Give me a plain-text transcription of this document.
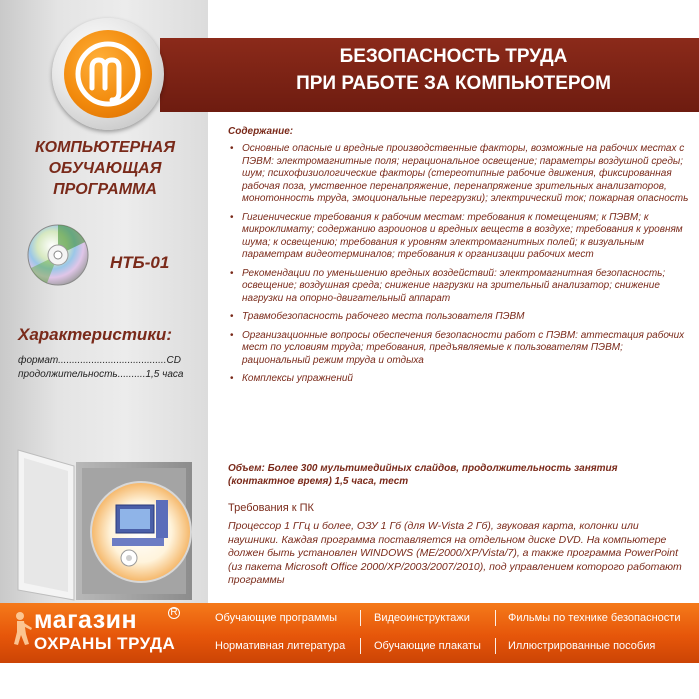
БЕЗОПАСНОСТЬ ТРУДА
ПРИ РАБОТЕ ЗА КОМПЬЮТЕРОМ
КОМПЬЮТЕРНАЯ
ОБУЧАЮЩАЯ
ПРОГРАММА
НТБ-01
Характеристики:
формат.......................................CD
продолжительность..........1,5 часа
Содержание:
• Основные опасные и вредные производственные факторы, возможные на рабочих местах с ПЭВМ: электромагнитные поля; нерациональное освещение; параметры воздушной среды; шум; психофизиологические факторы (стереотипные рабочие движения, фиксированная рабочая поза, умственное перенапряжение, перенапряжение зрительных анализаторов, монотонность труда, эмоциональные перегрузки); электрический ток; пожарная опасность
• Гигиенические требования к рабочим местам: требования к помещениям; к ПЭВМ; к микроклимату; содержанию аэроионов и вредных веществ в воздухе; требования к уровням шума; к освещению; требования к уровням электромагнитных полей; к визуальным параметрам видеотерминалов; требования к организации рабочих мест
• Рекомендации по уменьшению вредных воздействий: электромагнитная безопасность; освещение; воздушная среда; снижение нагрузки на зрительный анализатор; снижение нагрузки на опорно-двигательный аппарат
• Травмобезопасность рабочего места пользователя ПЭВМ
• Организационные вопросы обеспечения безопасности работ с ПЭВМ: аттестация рабочих мест по условиям труда; требования, предъявляемые к пользователям ПЭВМ; рациональный режим труда и отдыха
• Комплексы упражнений
Объем: Более 300 мультимедийных слайдов, продолжительность занятия (контактное время) 1,5 часа, тест
Требования к ПК
Процессор 1 ГГц и более, ОЗУ 1 Гб (для W-Vista 2 Гб), звуковая карта, колонки или наушники. Каждая программа поставляется на отдельном диске DVD. На компьютере должен быть установлен WINDOWS (ME/2000/XP/Vista/7), а также программа PowerPoint (из пакета Microsoft Office 2000/XP/2003/2007/2010), под управлением которого работают программы
магазин	R
ОХРАНЫ ТРУДА
Обучающие программы	Видеоинструктажи	Фильмы по технике безопасности
Нормативная литература	Обучающие плакаты Иллюстрированные пособия
